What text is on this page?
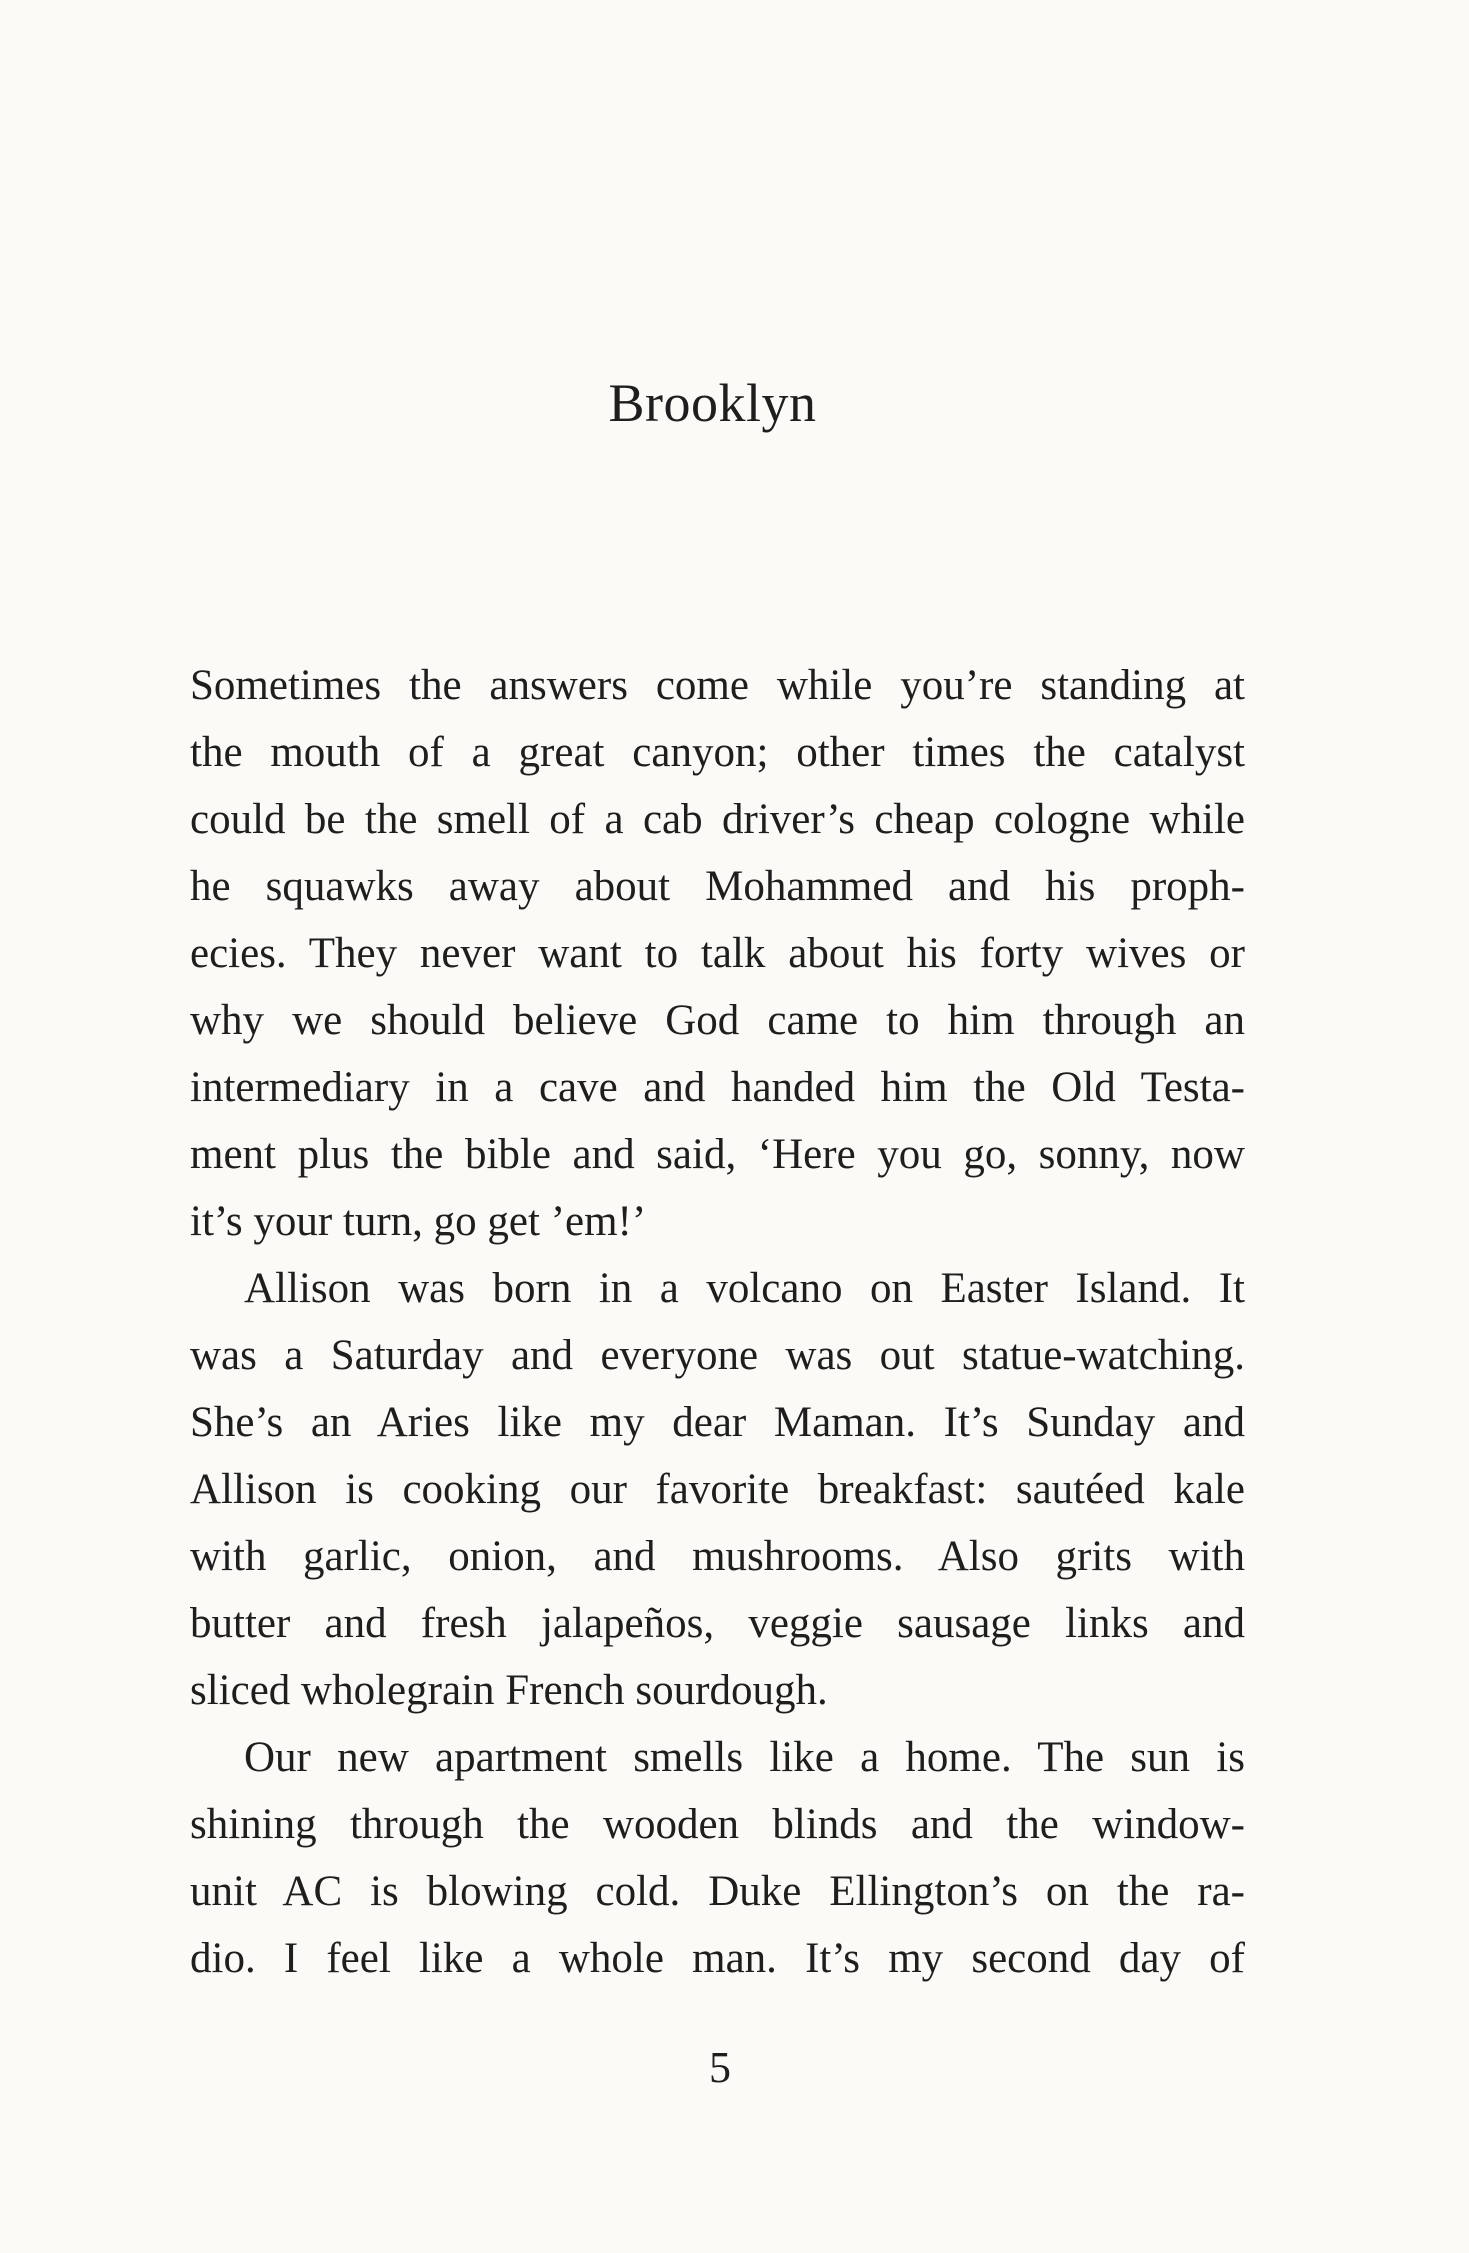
Brooklyn

Sometimes the answers come while you’re standing at

the mouth of a great canyon; other times the catalyst

could be the smell of a cab driver’s cheap cologne while

he squawks away about Mohammed and his proph-

ecies. They never want to talk about his forty wives or

why we should believe God came to him through an

intermediary in a cave and handed him the Old Testa-

ment plus the bible and said, ‘Here you go, sonny, now

it’s your turn, go get ’em!’

Allison was born in a volcano on Easter Island. It

was a Saturday and everyone was out statue-watching.

She’s an Aries like my dear Maman. It’s Sunday and

Allison is cooking our favorite breakfast: sautéed kale

with garlic, onion, and mushrooms. Also grits with

butter and fresh jalapeños, veggie sausage links and

sliced wholegrain French sourdough.

Our new apartment smells like a home. The sun is

shining through the wooden blinds and the window-

unit AC is blowing cold. Duke Ellington’s on the ra-

dio. I feel like a whole man. It’s my second day of

5
